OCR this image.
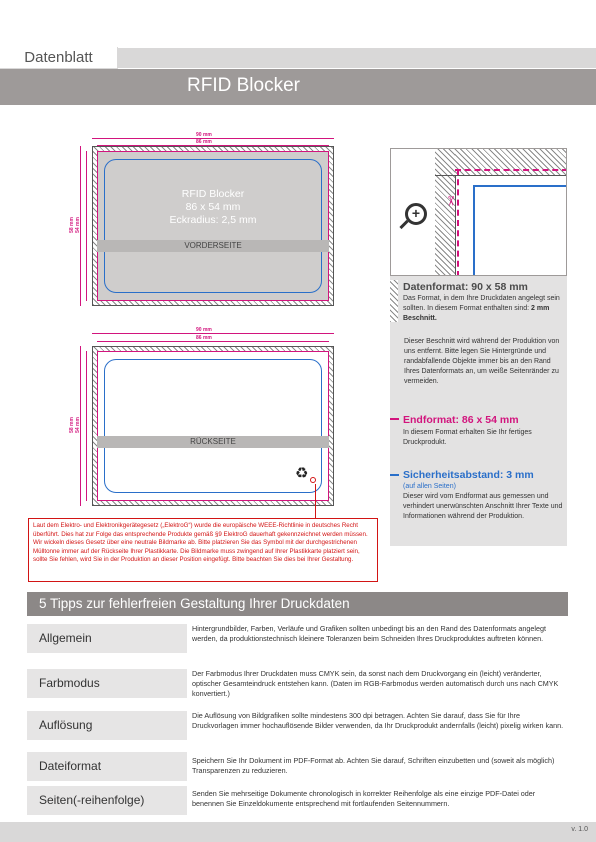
Datenblatt
RFID Blocker
RFID Blocker
86 x 54 mm
Eckradius: 2,5 mm
VORDERSEITE
90 mm
86 mm
58 mm 54 mm
RÜCKSEITE
♻
90 mm
86 mm
58 mm 54 mm
Laut dem Elektro- und Elektronikgerätegesetz („ElektroG“) wurde die europäische WEEE-Richtlinie in deutsches Recht überführt. Dies hat zur Folge das entsprechende Produkte gemäß §9 ElektroG dauerhaft gekennzeichnet werden müssen. Wir wickeln dieses Gesetz über eine neutrale Bildmarke ab. Bitte platzieren Sie das Symbol mit der durchgestrichenen Mülltonne immer auf der Rückseite Ihrer Plastikkarte. Die Bildmarke muss zwingend auf Ihrer Plastikkarte platziert sein, sollte Sie fehlen, wird Sie in der Produktion an dieser Position eingefügt. Bitte beachten Sie dies bei Ihrer Gestaltung.
+
✂
Datenformat: 90 x 58 mm
Das Format, in dem Ihre Druckdaten angelegt sein sollten. In diesem Format enthalten sind: 2 mm Beschnitt.
Dieser Beschnitt wird während der Produktion von uns entfernt. Bitte legen Sie Hintergründe und randabfallende Objekte immer bis an den Rand Ihres Datenformats an, um weiße Seitenränder zu vermeiden.
Endformat: 86 x 54 mm
In diesem Format erhalten Sie Ihr fertiges Druckprodukt.
Sicherheitsabstand: 3 mm
(auf allen Seiten)
Dieser wird vom Endformat aus gemessen und verhindert unerwünschten Anschnitt Ihrer Texte und Informationen während der Produktion.
5 Tipps zur fehlerfreien Gestaltung Ihrer Druckdaten
Allgemein
Hintergrundbilder, Farben, Verläufe und Grafiken sollten unbedingt bis an den Rand des Datenformats angelegt werden, da produktionstechnisch kleinere Toleranzen beim Schneiden Ihres Druckproduktes auftreten können.
Farbmodus
Der Farbmodus Ihrer Druckdaten muss CMYK sein, da sonst nach dem Druckvorgang ein (leicht) veränderter, optischer Gesamteindruck entstehen kann. (Daten im RGB-Farbmodus werden automatisch durch uns nach CMYK konvertiert.)
Auflösung
Die Auflösung von Bildgrafiken sollte mindestens 300 dpi betragen. Achten Sie darauf, dass Sie für Ihre Druckvorlagen immer hochauflösende Bilder verwenden, da Ihr Druckprodukt andernfalls (leicht) pixelig wirken kann.
Dateiformat	Speichern Sie Ihr Dokument im PDF-Format ab. Achten Sie darauf, Schriften einzubetten und (soweit als möglich) Transparenzen zu reduzieren.
Seiten(-reihenfolge)	Senden Sie mehrseitige Dokumente chronologisch in korrekter Reihenfolge als eine einzige PDF-Datei oder benennen Sie Einzeldokumente entsprechend mit fortlaufenden Seitennummern.
v. 1.0
